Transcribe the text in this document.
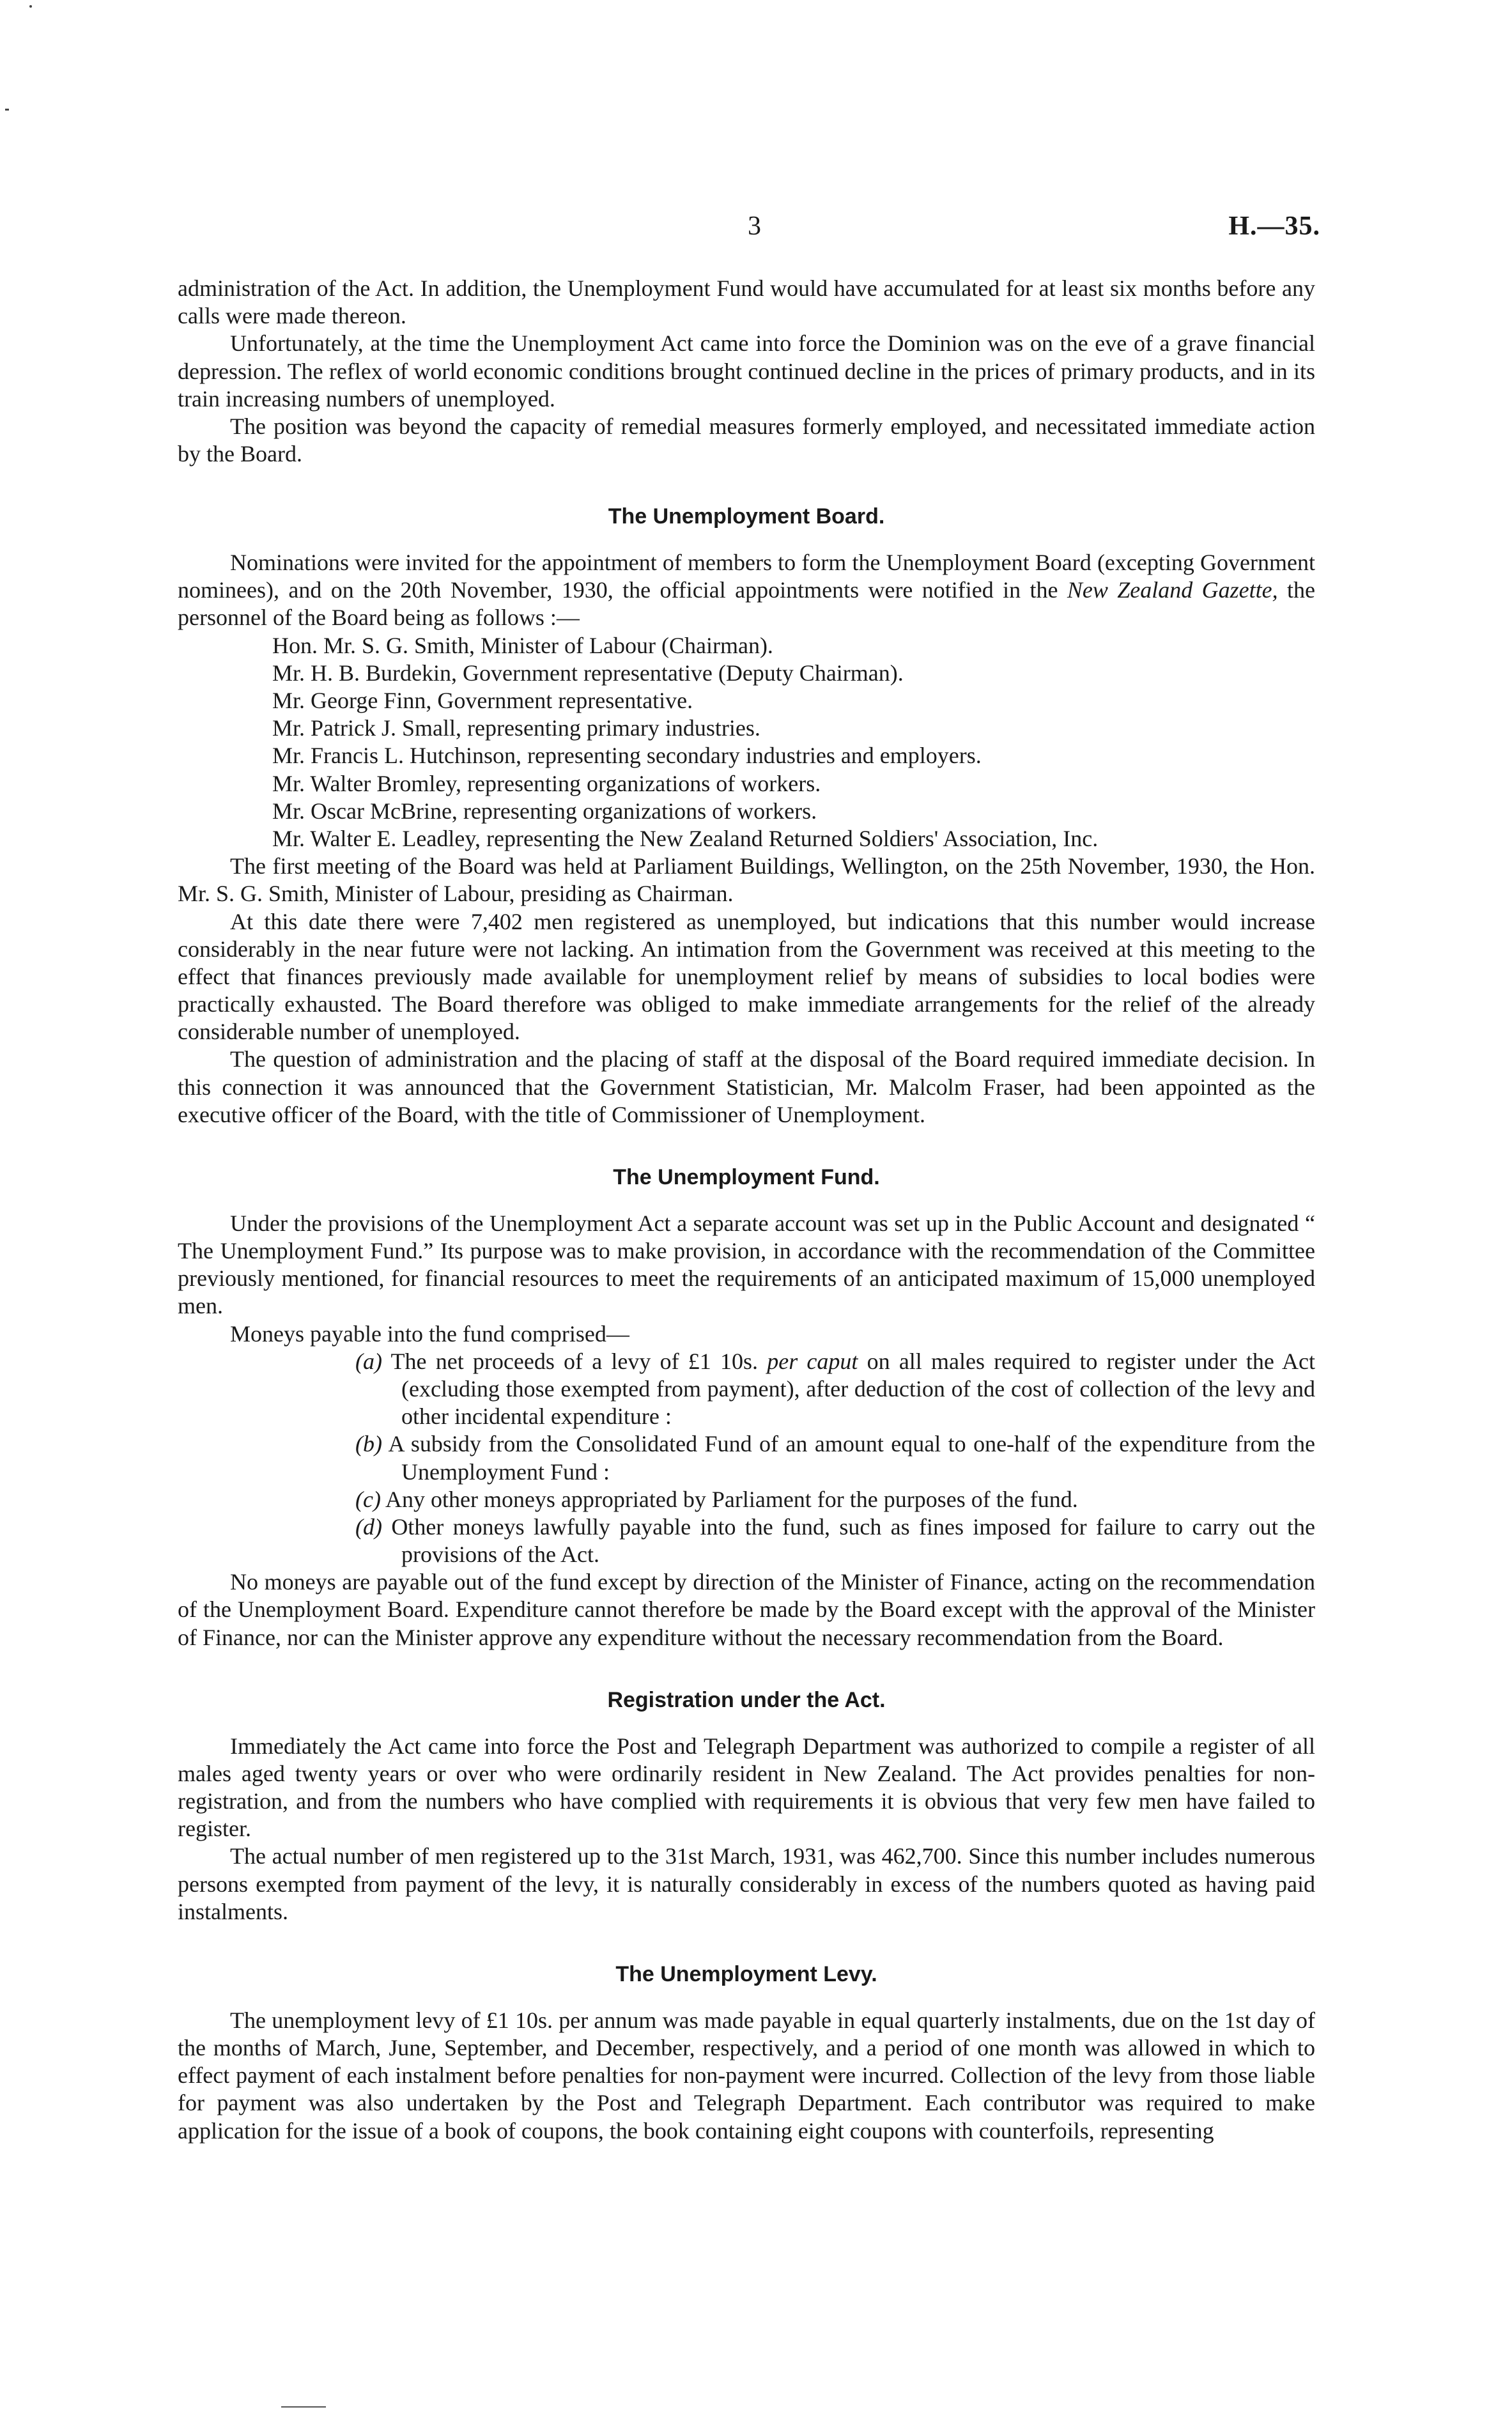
3	H.—35.

administration of the Act. In addition, the Unemployment Fund would have accumulated for at least six months before any calls were made thereon.

Unfortunately, at the time the Unemployment Act came into force the Dominion was on the eve of a grave financial depression. The reflex of world economic conditions brought continued decline in the prices of primary products, and in its train increasing numbers of unemployed.

The position was beyond the capacity of remedial measures formerly employed, and necessitated immediate action by the Board.

The Unemployment Board.

Nominations were invited for the appointment of members to form the Unemployment Board (excepting Government nominees), and on the 20th November, 1930, the official appointments were notified in the New Zealand Gazette, the personnel of the Board being as follows :—

Hon. Mr. S. G. Smith, Minister of Labour (Chairman).
Mr. H. B. Burdekin, Government representative (Deputy Chairman).
Mr. George Finn, Government representative.
Mr. Patrick J. Small, representing primary industries.
Mr. Francis L. Hutchinson, representing secondary industries and employers.
Mr. Walter Bromley, representing organizations of workers.
Mr. Oscar McBrine, representing organizations of workers.
Mr. Walter E. Leadley, representing the New Zealand Returned Soldiers' Association, Inc.

The first meeting of the Board was held at Parliament Buildings, Wellington, on the 25th November, 1930, the Hon. Mr. S. G. Smith, Minister of Labour, presiding as Chairman.

At this date there were 7,402 men registered as unemployed, but indications that this number would increase considerably in the near future were not lacking. An intimation from the Government was received at this meeting to the effect that finances previously made available for unemployment relief by means of subsidies to local bodies were practically exhausted. The Board therefore was obliged to make immediate arrangements for the relief of the already considerable number of unemployed.

The question of administration and the placing of staff at the disposal of the Board required immediate decision. In this connection it was announced that the Government Statistician, Mr. Malcolm Fraser, had been appointed as the executive officer of the Board, with the title of Commissioner of Unemployment.

The Unemployment Fund.

Under the provisions of the Unemployment Act a separate account was set up in the Public Account and designated “ The Unemployment Fund.” Its purpose was to make provision, in accordance with the recommendation of the Committee previously mentioned, for financial resources to meet the requirements of an anticipated maximum of 15,000 unemployed men.

Moneys payable into the fund comprised—

(a) The net proceeds of a levy of £1 10s. per caput on all males required to register under the Act (excluding those exempted from payment), after deduction of the cost of collection of the levy and other incidental expenditure :
(b) A subsidy from the Consolidated Fund of an amount equal to one-half of the expenditure from the Unemployment Fund :
(c) Any other moneys appropriated by Parliament for the purposes of the fund.
(d) Other moneys lawfully payable into the fund, such as fines imposed for failure to carry out the provisions of the Act.

No moneys are payable out of the fund except by direction of the Minister of Finance, acting on the recommendation of the Unemployment Board. Expenditure cannot therefore be made by the Board except with the approval of the Minister of Finance, nor can the Minister approve any expenditure without the necessary recommendation from the Board.

Registration under the Act.

Immediately the Act came into force the Post and Telegraph Department was authorized to compile a register of all males aged twenty years or over who were ordinarily resident in New Zealand. The Act provides penalties for non-registration, and from the numbers who have complied with requirements it is obvious that very few men have failed to register.

The actual number of men registered up to the 31st March, 1931, was 462,700. Since this number includes numerous persons exempted from payment of the levy, it is naturally considerably in excess of the numbers quoted as having paid instalments.

The Unemployment Levy.

The unemployment levy of £1 10s. per annum was made payable in equal quarterly instalments, due on the 1st day of the months of March, June, September, and December, respectively, and a period of one month was allowed in which to effect payment of each instalment before penalties for non-payment were incurred. Collection of the levy from those liable for payment was also undertaken by the Post and Telegraph Department. Each contributor was required to make application for the issue of a book of coupons, the book containing eight coupons with counterfoils, representing
